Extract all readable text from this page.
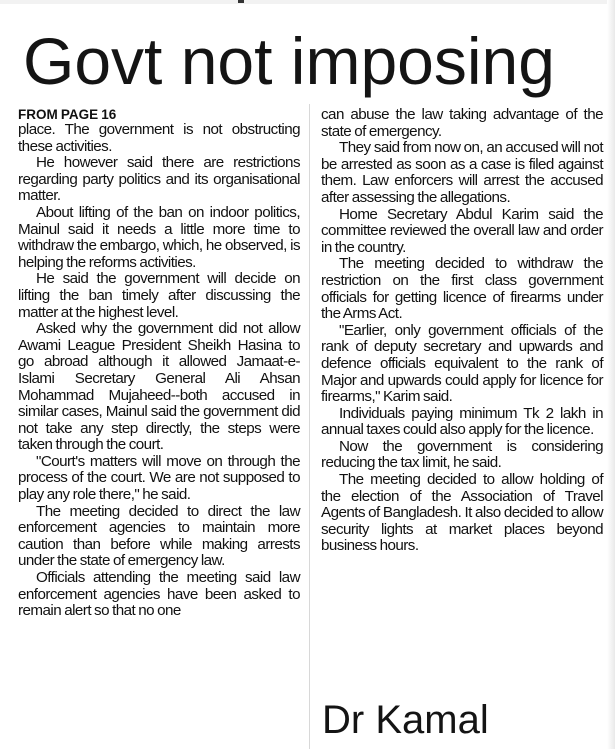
Govt not imposing
FROM PAGE 16

place. The government is not obstructing these activities.

He however said there are restrictions regarding party politics and its organisational matter.

About lifting of the ban on indoor politics, Mainul said it needs a little more time to withdraw the embargo, which, he observed, is helping the reforms activities.

He said the government will decide on lifting the ban timely after discussing the matter at the highest level.

Asked why the government did not allow Awami League President Sheikh Hasina to go abroad although it allowed Jamaat-e-Islami Secretary General Ali Ahsan Mohammad Mujaheed--both accused in similar cases, Mainul said the government did not take any step directly, the steps were taken through the court.

"Court's matters will move on through the process of the court. We are not supposed to play any role there," he said.

The meeting decided to direct the law enforcement agencies to maintain more caution than before while making arrests under the state of emergency law.

Officials attending the meeting said law enforcement agencies have been asked to remain alert so that no one

can abuse the law taking advantage of the state of emergency.

They said from now on, an accused will not be arrested as soon as a case is filed against them. Law enforcers will arrest the accused after assessing the allegations.

Home Secretary Abdul Karim said the committee reviewed the overall law and order in the country.

The meeting decided to withdraw the restriction on the first class government officials for getting licence of firearms under the Arms Act.

"Earlier, only government officials of the rank of deputy secretary and upwards and defence officials equivalent to the rank of Major and upwards could apply for licence for firearms," Karim said.

Individuals paying minimum Tk 2 lakh in annual taxes could also apply for the licence.

Now the government is considering reducing the tax limit, he said.

The meeting decided to allow holding of the election of the Association of Travel Agents of Bangladesh. It also decided to allow security lights at market places beyond business hours.

Dr Kamal
